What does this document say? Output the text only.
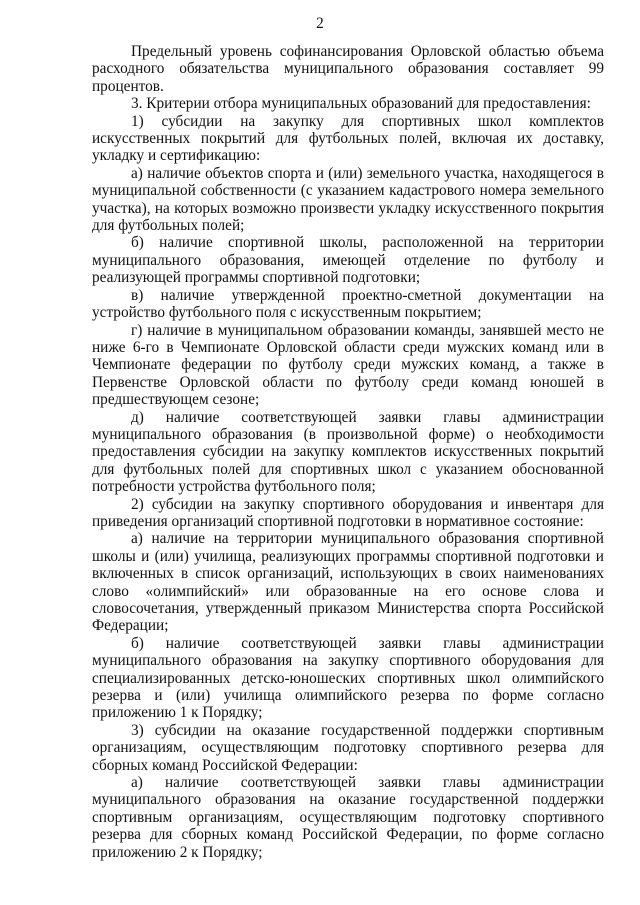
2

Предельный уровень софинансирования Орловской областью объема расходного обязательства муниципального образования составляет 99 процентов.

3. Критерии отбора муниципальных образований для предоставления:

1) субсидии на закупку для спортивных школ комплектов искусственных покрытий для футбольных полей, включая их доставку, укладку и сертификацию:

а) наличие объектов спорта и (или) земельного участка, находящегося в муниципальной собственности (с указанием кадастрового номера земельного участка), на которых возможно произвести укладку искусственного покрытия для футбольных полей;

б) наличие спортивной школы, расположенной на территории муниципального образования, имеющей отделение по футболу и реализующей программы спортивной подготовки;

в) наличие утвержденной проектно-сметной документации на устройство футбольного поля с искусственным покрытием;

г) наличие в муниципальном образовании команды, занявшей место не ниже 6-го в Чемпионате Орловской области среди мужских команд или в Чемпионате федерации по футболу среди мужских команд, а также в Первенстве Орловской области по футболу среди команд юношей в предшествующем сезоне;

д) наличие соответствующей заявки главы администрации муниципального образования (в произвольной форме) о необходимости предоставления субсидии на закупку комплектов искусственных покрытий для футбольных полей для спортивных школ с указанием обоснованной потребности устройства футбольного поля;

2) субсидии на закупку спортивного оборудования и инвентаря для приведения организаций спортивной подготовки в нормативное состояние:

а) наличие на территории муниципального образования спортивной школы и (или) училища, реализующих программы спортивной подготовки и включенных в список организаций, использующих в своих наименованиях слово «олимпийский» или образованные на его основе слова и словосочетания, утвержденный приказом Министерства спорта Российской Федерации;

б) наличие соответствующей заявки главы администрации муниципального образования на закупку спортивного оборудования для специализированных детско-юношеских спортивных школ олимпийского резерва и (или) училища олимпийского резерва по форме согласно приложению 1 к Порядку;

3) субсидии на оказание государственной поддержки спортивным организациям, осуществляющим подготовку спортивного резерва для сборных команд Российской Федерации:

а) наличие соответствующей заявки главы администрации муниципального образования на оказание государственной поддержки спортивным организациям, осуществляющим подготовку спортивного резерва для сборных команд Российской Федерации, по форме согласно приложению 2 к Порядку;
